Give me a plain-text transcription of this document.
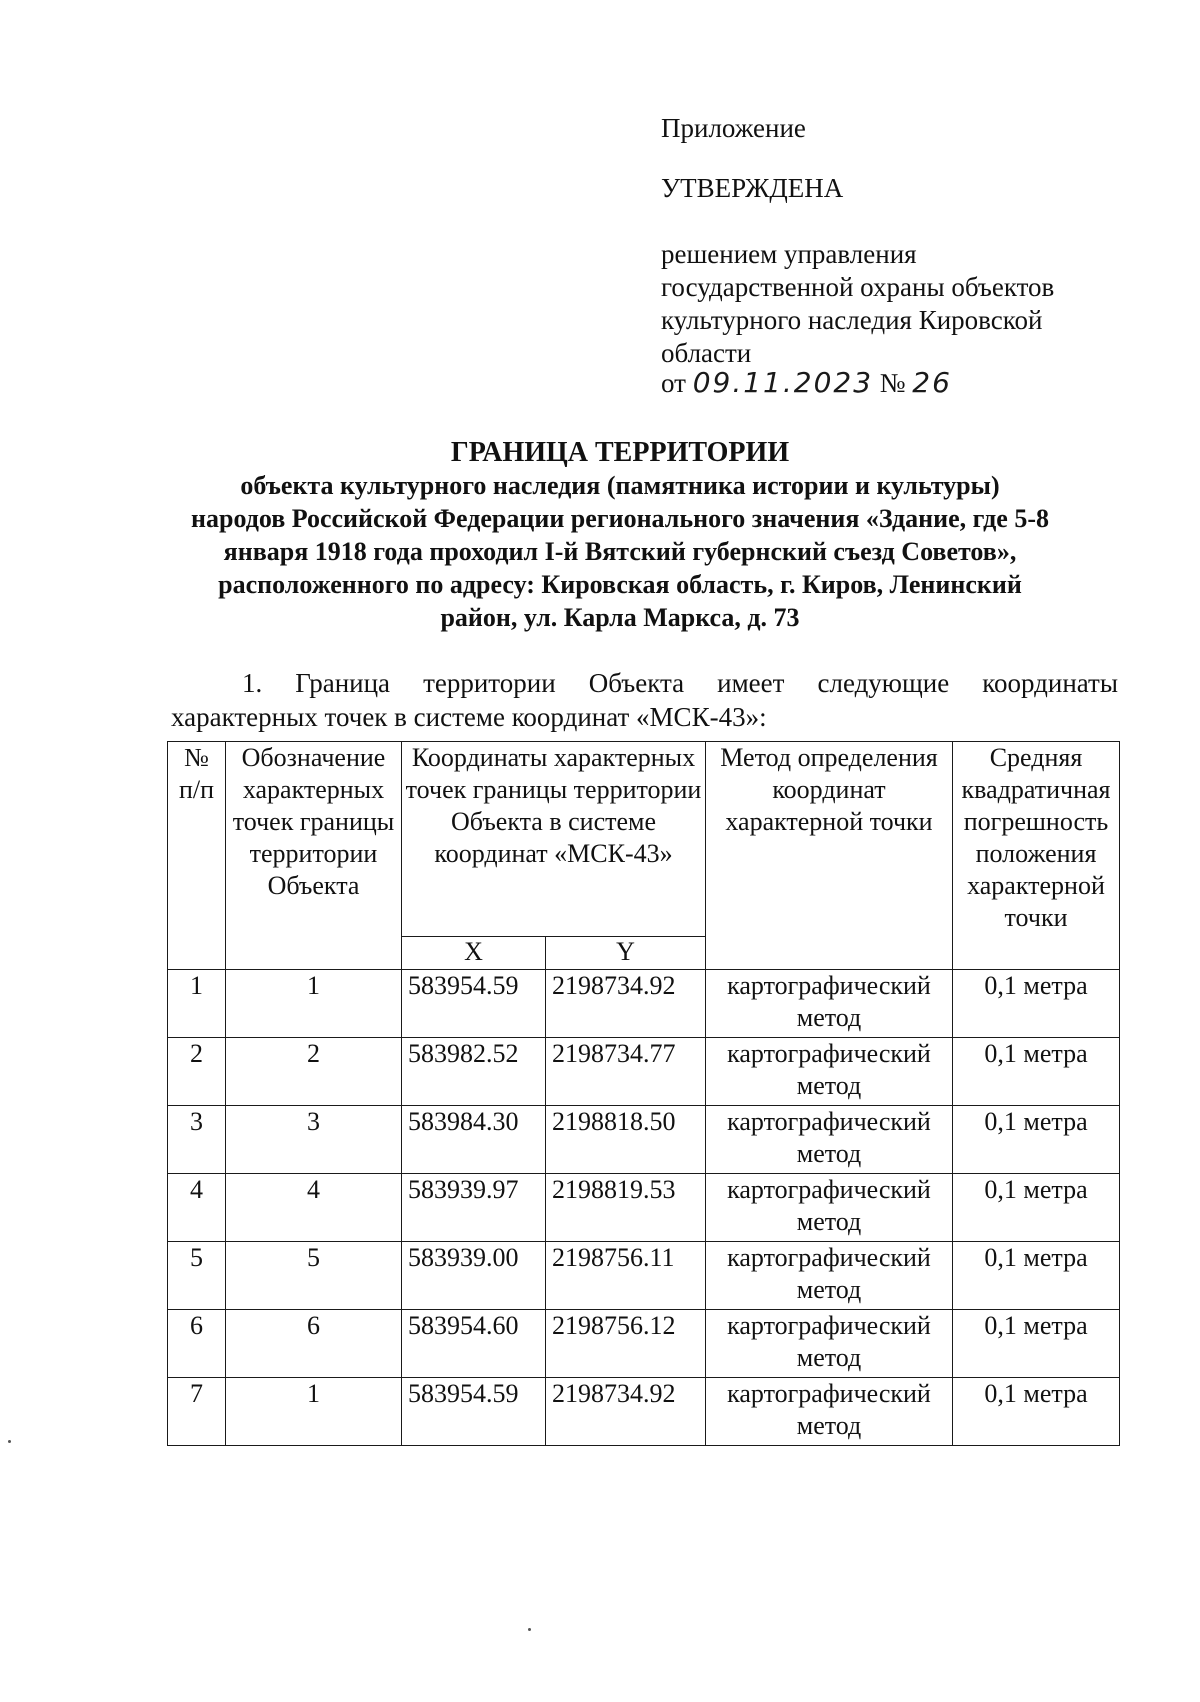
Приложение
УТВЕРЖДЕНА
решением управления
государственной охраны объектов
культурного наследия Кировской
области
от 09.11.2023 № 26
ГРАНИЦА ТЕРРИТОРИИ
объекта культурного наследия (памятника истории и культуры)
народов Российской Федерации регионального значения «Здание, где 5-8
января 1918 года проходил I-й Вятский губернский съезд Советов»,
расположенного по адресу: Кировская область, г. Киров, Ленинский
район, ул. Карла Маркса, д. 73
1. Граница территории Объекта имеет следующие координаты
характерных точек в системе координат «МСК-43»:
№ п/п	Обозначение характерных точек границы территории Объекта	Координаты характерных точек границы территории Объекта в системе координат «МСК-43»		Метод определения координат характерной точки	Средняя квадратичная погрешность положения характерной точки
		X	Y		
1	1	583954.59	2198734.92	картографический метод	0,1 метра
2	2	583982.52	2198734.77	картографический метод	0,1 метра
3	3	583984.30	2198818.50	картографический метод	0,1 метра
4	4	583939.97	2198819.53	картографический метод	0,1 метра
5	5	583939.00	2198756.11	картографический метод	0,1 метра
6	6	583954.60	2198756.12	картографический метод	0,1 метра
7	1	583954.59	2198734.92	картографический метод	0,1 метра
